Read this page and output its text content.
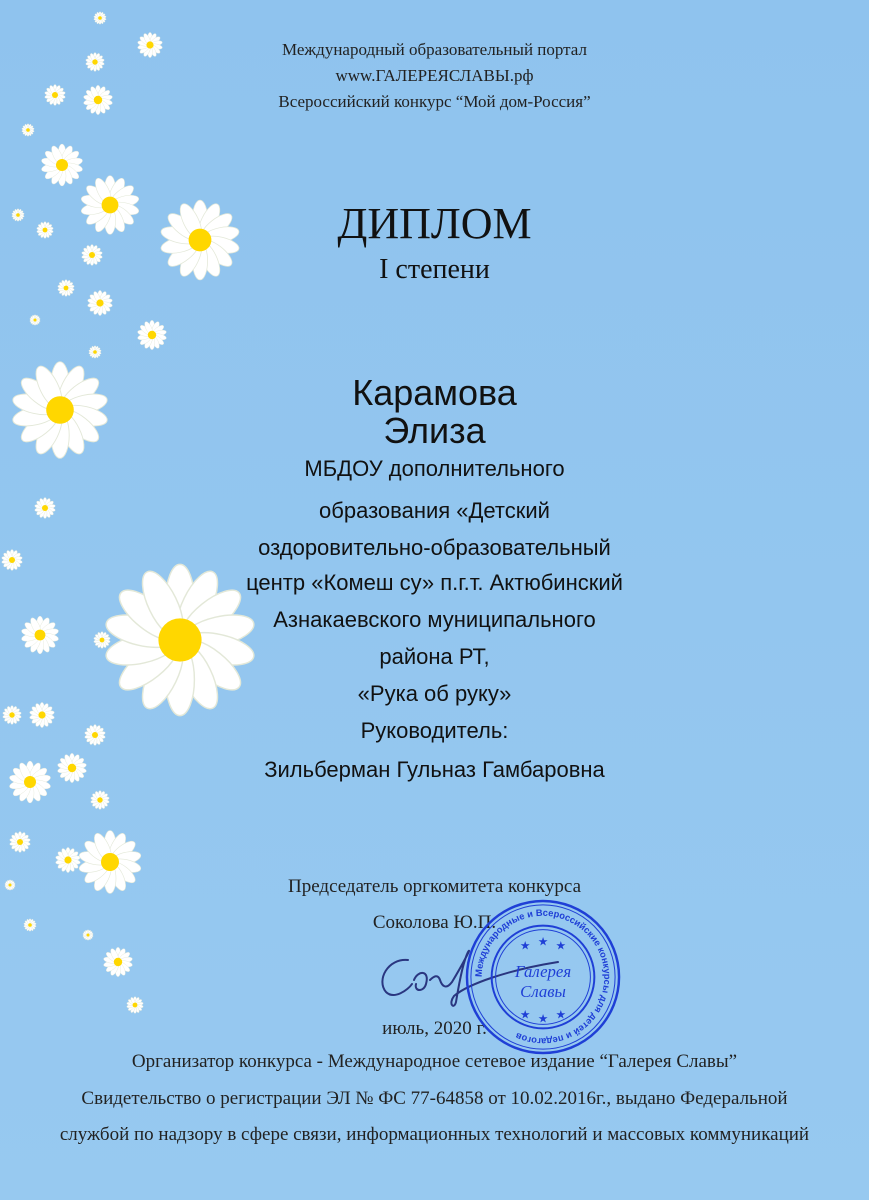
Международный образовательный портал
www.ГАЛЕРЕЯСЛАВЫ.рф
Всероссийский конкурс “Мой дом-Россия”
ДИПЛОМ
I степени
Карамова
Элиза
МБДОУ дополнительного
образования «Детский
оздоровительно-образовательный
центр «Комеш су» п.г.т. Актюбинский
Азнакаевского муниципального
района РТ,
«Рука об руку»
Руководитель:
Зильберман Гульназ Гамбаровна
Председатель оргкомитета конкурса
Соколова Ю.П.
июль, 2020 г.
Международные и Всероссийские конкурсы для детей и педагогов
★ ★ ★
★ ★ ★
Галерея
Славы
Организатор конкурса - Международное сетевое издание “Галерея Славы”
Свидетельство о регистрации ЭЛ № ФС 77-64858 от 10.02.2016г., выдано Федеральной
службой по надзору в сфере связи, информационных технологий и массовых коммуникаций
